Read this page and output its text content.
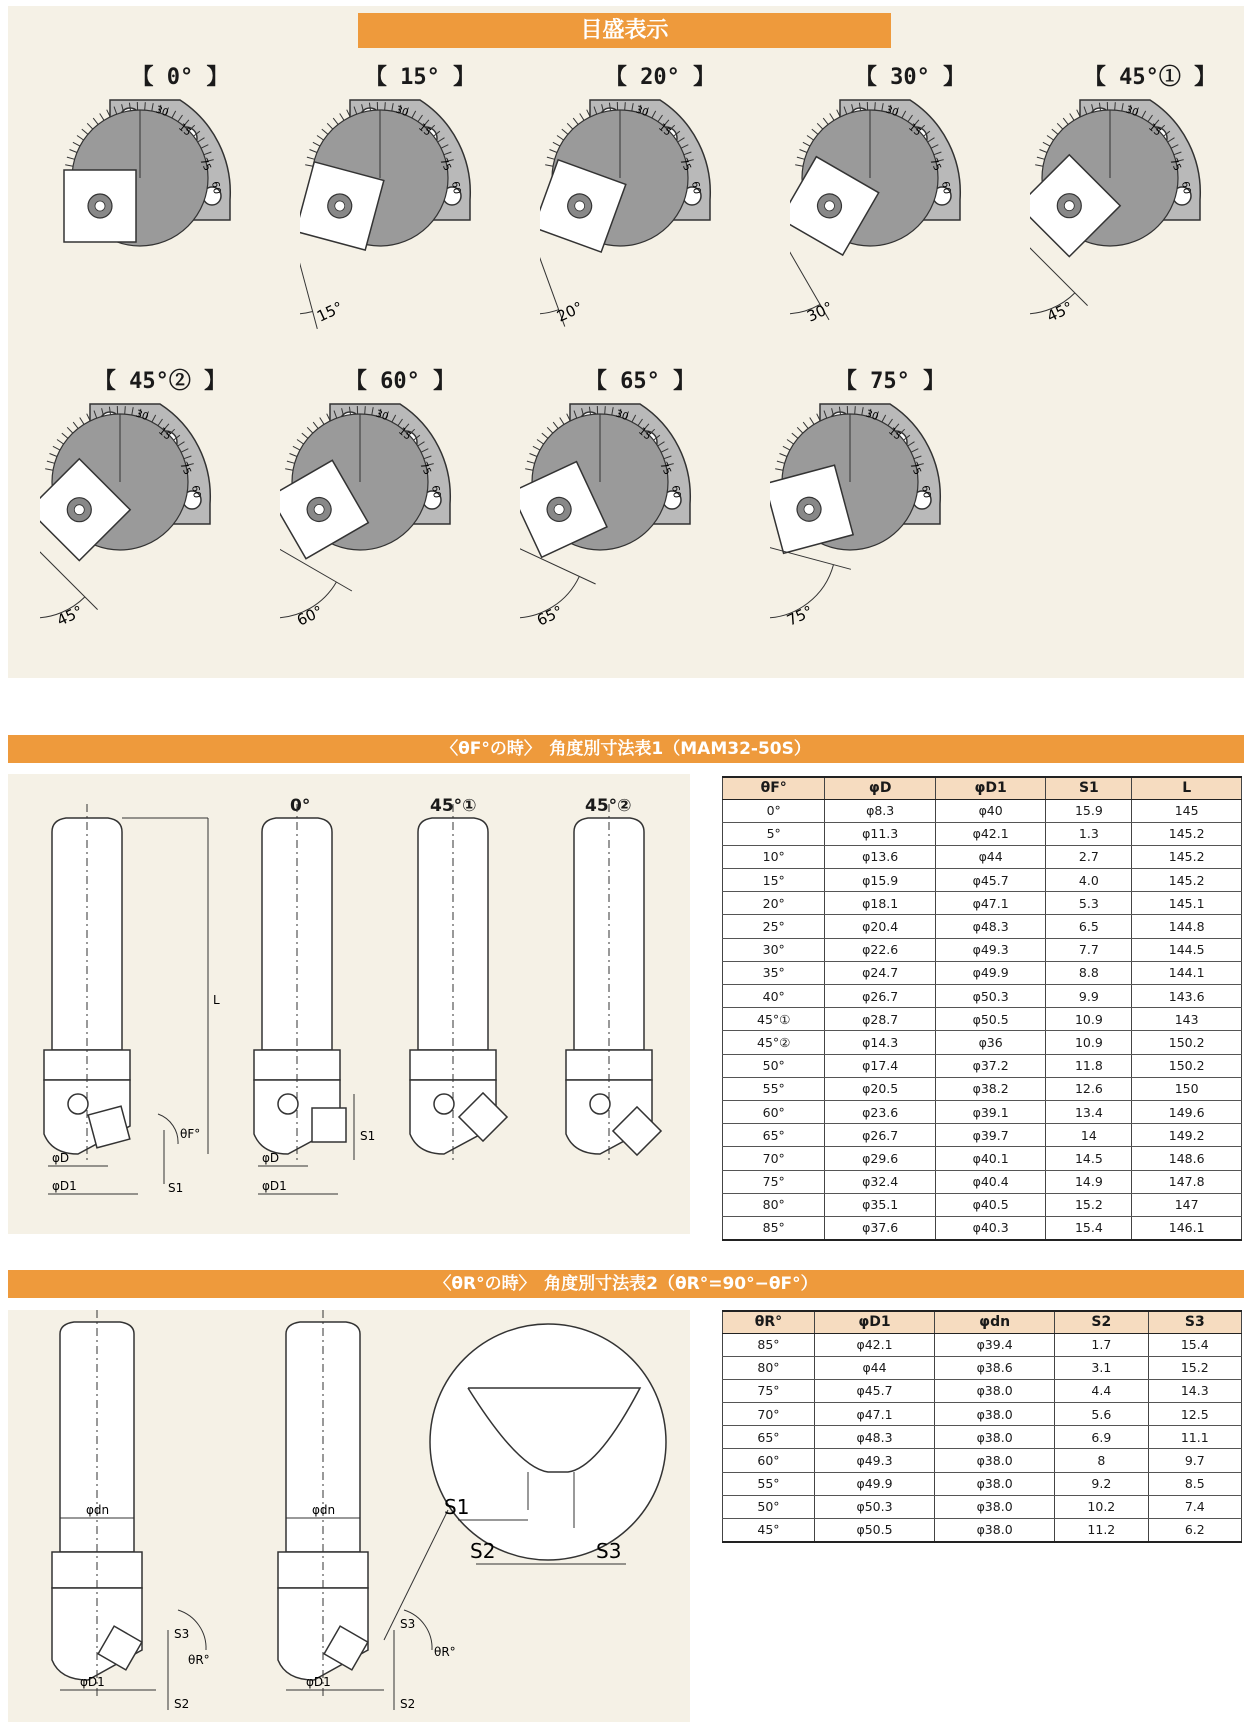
目盛表示
【 0° 】
30
15
75
60
【 15° 】
30
15
75
60
15°
【 20° 】
30
15
75
60
20°
【 30° 】
30
15
75
60
30°
【 45°① 】
30
15
75
60
45°
【 45°② 】
30
15
75
60
45°
【 60° 】
30
15
75
60
60°
【 65° 】
30
15
75
60
65°
【 75° 】
30
15
75
60
75°
〈θF°の時〉　角度別寸法表1（MAM32-50S）
0°	45°①	45°②
L
S1
S1
φD
φD1
φD
φD1
θF°
θF°	φD	φD1	S1	L
0°	φ8.3	φ40	15.9	145
5°	φ11.3	φ42.1	1.3	145.2
10°	φ13.6	φ44	2.7	145.2
15°	φ15.9	φ45.7	4.0	145.2
20°	φ18.1	φ47.1	5.3	145.1
25°	φ20.4	φ48.3	6.5	144.8
30°	φ22.6	φ49.3	7.7	144.5
35°	φ24.7	φ49.9	8.8	144.1
40°	φ26.7	φ50.3	9.9	143.6
45°①	φ28.7	φ50.5	10.9	143
45°②	φ14.3	φ36	10.9	150.2
50°	φ17.4	φ37.2	11.8	150.2
55°	φ20.5	φ38.2	12.6	150
60°	φ23.6	φ39.1	13.4	149.6
65°	φ26.7	φ39.7	14	149.2
70°	φ29.6	φ40.1	14.5	148.6
75°	φ32.4	φ40.4	14.9	147.8
80°	φ35.1	φ40.5	15.2	147
85°	φ37.6	φ40.3	15.4	146.1
〈θR°の時〉　角度別寸法表2（θR°=90°−θF°）
φdn	φdn
φD1	φD1
S3
S3
S2	S2
θR°
θR°
S1
S2	S3
θR°	φD1	φdn	S2	S3
85°	φ42.1	φ39.4	1.7	15.4
80°	φ44	φ38.6	3.1	15.2
75°	φ45.7	φ38.0	4.4	14.3
70°	φ47.1	φ38.0	5.6	12.5
65°	φ48.3	φ38.0	6.9	11.1
60°	φ49.3	φ38.0	8	9.7
55°	φ49.9	φ38.0	9.2	8.5
50°	φ50.3	φ38.0	10.2	7.4
45°	φ50.5	φ38.0	11.2	6.2
